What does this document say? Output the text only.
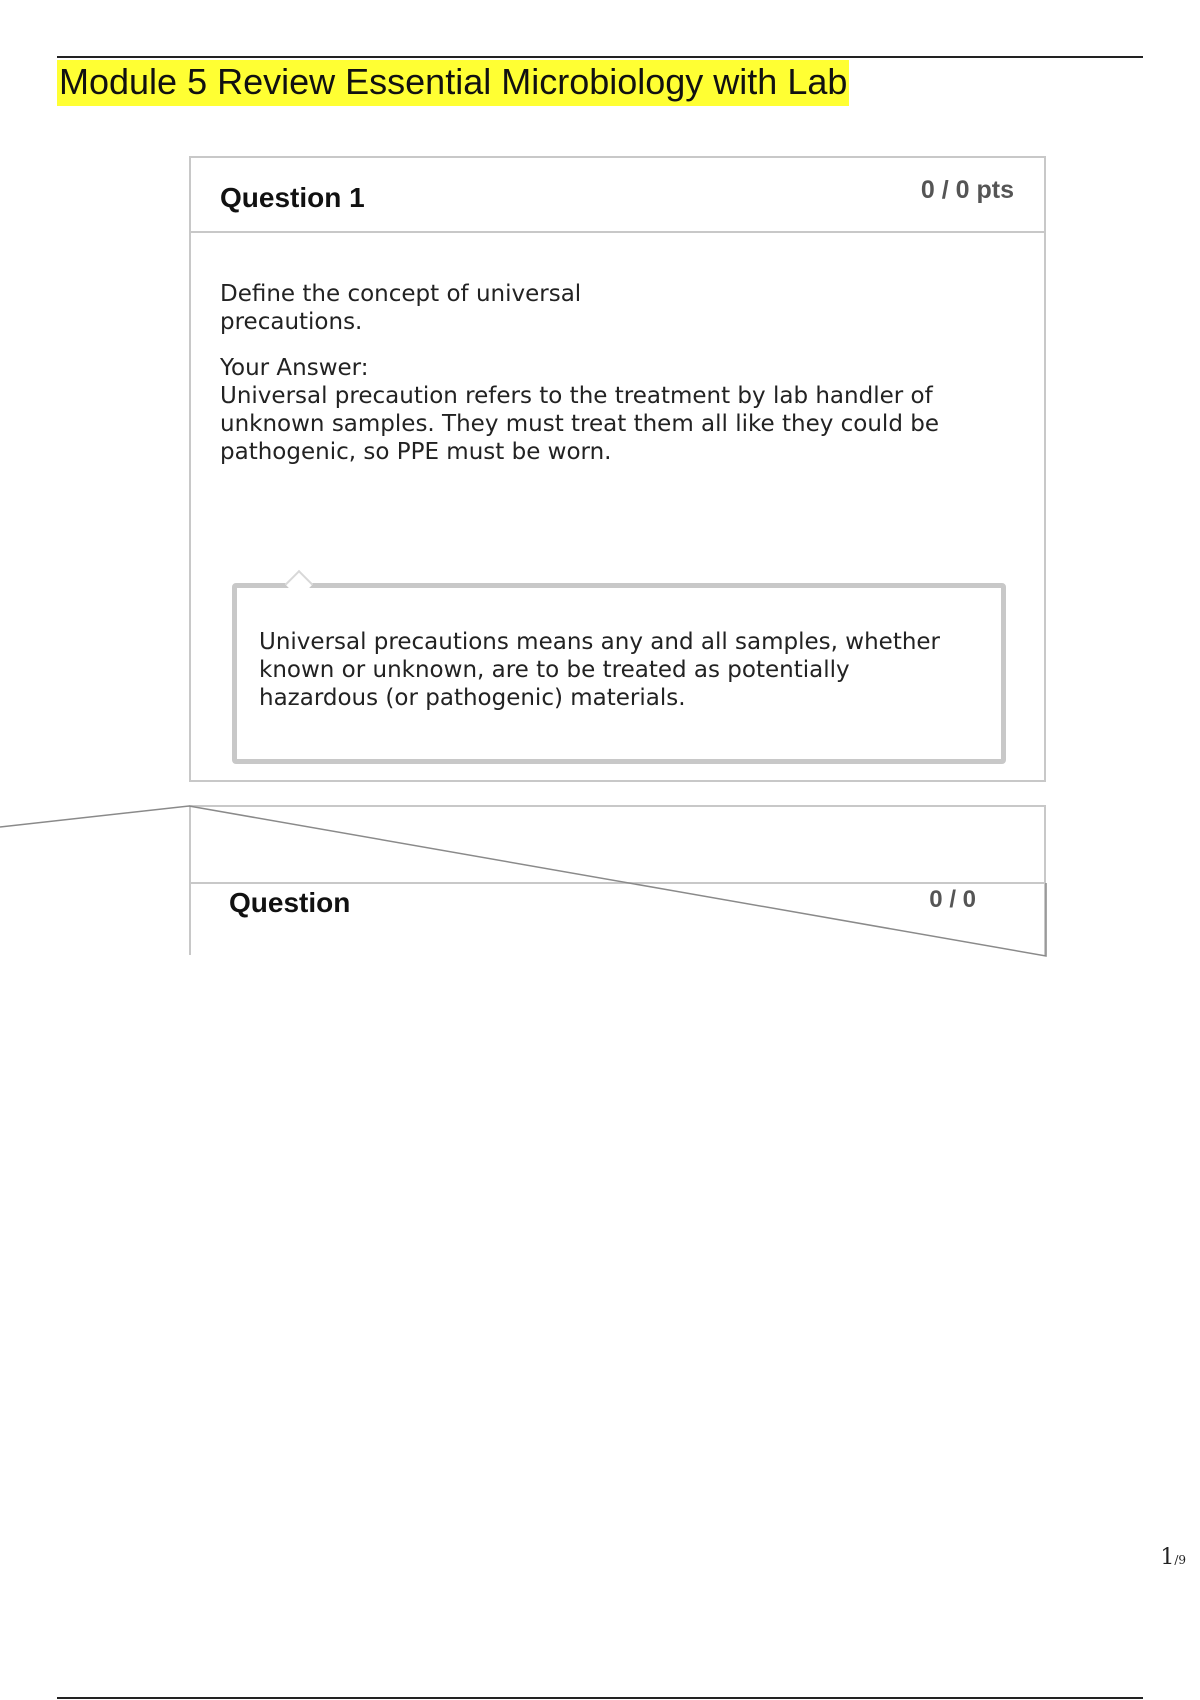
Module 5 Review Essential Microbiology with Lab
Question 1	0 / 0 pts
Define the concept of universal precautions.
Your Answer:
Universal precaution refers to the treatment by lab handler of unknown samples. They must treat them all like they could be pathogenic, so PPE must be worn.
Universal precautions means any and all samples, whether known or unknown, are to be treated as potentially hazardous (or pathogenic) materials.
Question	0 / 0
1/9
